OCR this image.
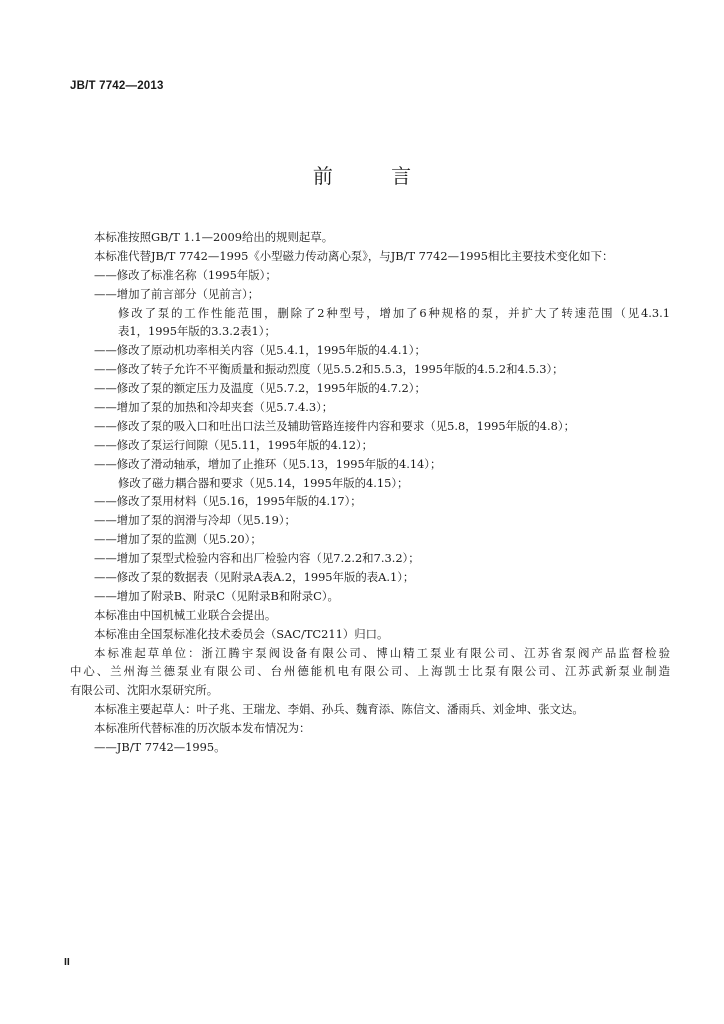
JB/T 7742—2013
前 言

本标准按照GB/T 1.1—2009给出的规则起草。

本标准代替JB/T 7742—1995《小型磁力传动离心泵》，与JB/T 7742—1995相比主要技术变化如下：

——修改了标准名称（1995年版）；

——增加了前言部分（见前言）；

修改了泵的工作性能范围，删除了2种型号，增加了6种规格的泵，并扩大了转速范围（见4.3.1

表1，1995年版的3.3.2表1）；

——修改了原动机功率相关内容（见5.4.1，1995年版的4.4.1）；

——修改了转子允许不平衡质量和振动烈度（见5.5.2和5.5.3，1995年版的4.5.2和4.5.3）；

——修改了泵的额定压力及温度（见5.7.2，1995年版的4.7.2）；

——增加了泵的加热和冷却夹套（见5.7.4.3）；

——修改了泵的吸入口和吐出口法兰及辅助管路连接件内容和要求（见5.8，1995年版的4.8）；

——修改了泵运行间隙（见5.11，1995年版的4.12）；

——修改了滑动轴承，增加了止推环（见5.13，1995年版的4.14）；

修改了磁力耦合器和要求（见5.14，1995年版的4.15）；

——修改了泵用材料（见5.16，1995年版的4.17）；

——增加了泵的润滑与冷却（见5.19）；

——增加了泵的监测（见5.20）；

——增加了泵型式检验内容和出厂检验内容（见7.2.2和7.3.2）；

——修改了泵的数据表（见附录A表A.2，1995年版的表A.1）；

——增加了附录B、附录C（见附录B和附录C）。

本标准由中国机械工业联合会提出。

本标准由全国泵标准化技术委员会（SAC/TC211）归口。

本标准起草单位：浙江腾宇泵阀设备有限公司、博山精工泵业有限公司、江苏省泵阀产品监督检验

中心、兰州海兰德泵业有限公司、台州德能机电有限公司、上海凯士比泵有限公司、江苏武新泵业制造

有限公司、沈阳水泵研究所。

本标准主要起草人：叶子兆、王瑞龙、李娟、孙兵、魏育添、陈信文、潘雨兵、刘金坤、张文达。

本标准所代替标准的历次版本发布情况为：

——JB/T 7742—1995。

II
